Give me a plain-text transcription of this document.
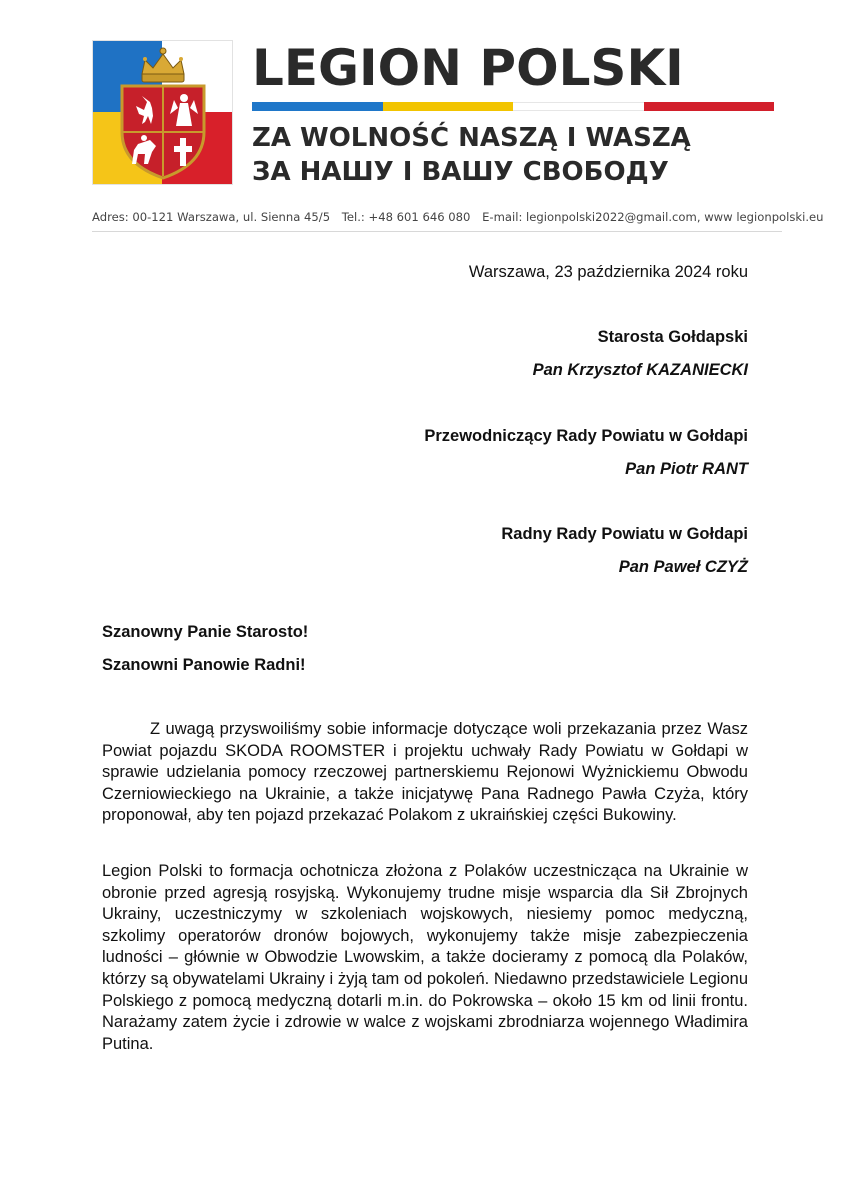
LEGION POLSKI
ZA WOLNOŚĆ NASZĄ I WASZĄ
ЗА НАШУ І ВАШУ СВОБОДУ
Adres: 00-121 Warszawa, ul. Sienna 45/5 Tel.: +48 601 646 080 E-mail: legionpolski2022@gmail.com, www legionpolski.eu
Warszawa, 23 października 2024 roku
Starosta Gołdapski
Pan Krzysztof KAZANIECKI
Przewodniczący Rady Powiatu w Gołdapi
Pan Piotr RANT
Radny Rady Powiatu w Gołdapi
Pan Paweł CZYŻ
Szanowny Panie Starosto!
Szanowni Panowie Radni!

Z uwagą przyswoiliśmy sobie informacje dotyczące woli przekazania przez Wasz Powiat pojazdu SKODA ROOMSTER i projektu uchwały Rady Powiatu w Gołdapi w sprawie udzielania pomocy rzeczowej partnerskiemu Rejonowi Wyżnickiemu Obwodu Czerniowieckiego na Ukrainie, a także inicjatywę Pana Radnego Pawła Czyża, który proponował, aby ten pojazd przekazać Polakom z ukraińskiej części Bukowiny.

Legion Polski to formacja ochotnicza złożona z Polaków uczestnicząca na Ukrainie w obronie przed agresją rosyjską. Wykonujemy trudne misje wsparcia dla Sił Zbrojnych Ukrainy, uczestniczymy w szkoleniach wojskowych, niesiemy pomoc medyczną, szkolimy operatorów dronów bojowych, wykonujemy także misje zabezpieczenia ludności – głównie w Obwodzie Lwowskim, a także docieramy z pomocą dla Polaków, którzy są obywatelami Ukrainy i żyją tam od pokoleń. Niedawno przedstawiciele Legionu Polskiego z pomocą medyczną dotarli m.in. do Pokrowska – około 15 km od linii frontu. Narażamy zatem życie i zdrowie w walce z wojskami zbrodniarza wojennego Władimira Putina.
